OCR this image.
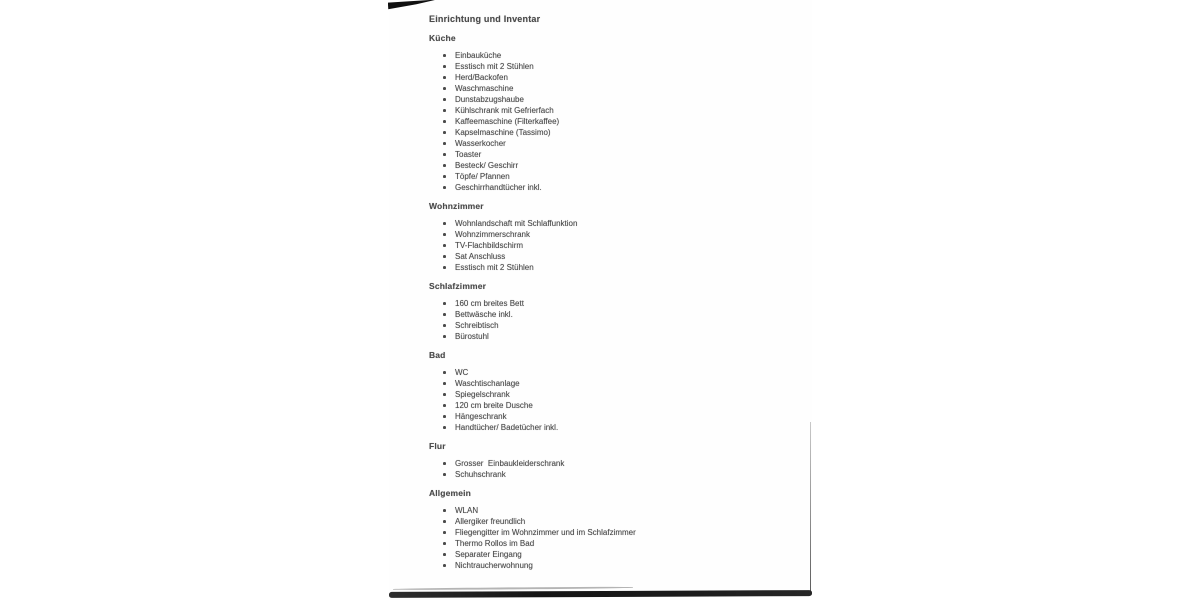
Einrichtung und Inventar
Küche
Einbauküche
Esstisch mit 2 Stühlen
Herd/Backofen
Waschmaschine
Dunstabzugshaube
Kühlschrank mit Gefrierfach
Kaffeemaschine (Filterkaffee)
Kapselmaschine (Tassimo)
Wasserkocher
Toaster
Besteck/ Geschirr
Töpfe/ Pfannen
Geschirrhandtücher inkl.
Wohnzimmer
Wohnlandschaft mit Schlaffunktion
Wohnzimmerschrank
TV-Flachbildschirm
Sat Anschluss
Esstisch mit 2 Stühlen
Schlafzimmer
160 cm breites Bett
Bettwäsche inkl.
Schreibtisch
Bürostuhl
Bad
WC
Waschtischanlage
Spiegelschrank
120 cm breite Dusche
Hängeschrank
Handtücher/ Badetücher inkl.
Flur
Grosser  Einbaukleiderschrank
Schuhschrank
Allgemein
WLAN
Allergiker freundlich
Fliegengitter im Wohnzimmer und im Schlafzimmer
Thermo Rollos im Bad
Separater Eingang
Nichtraucherwohnung
